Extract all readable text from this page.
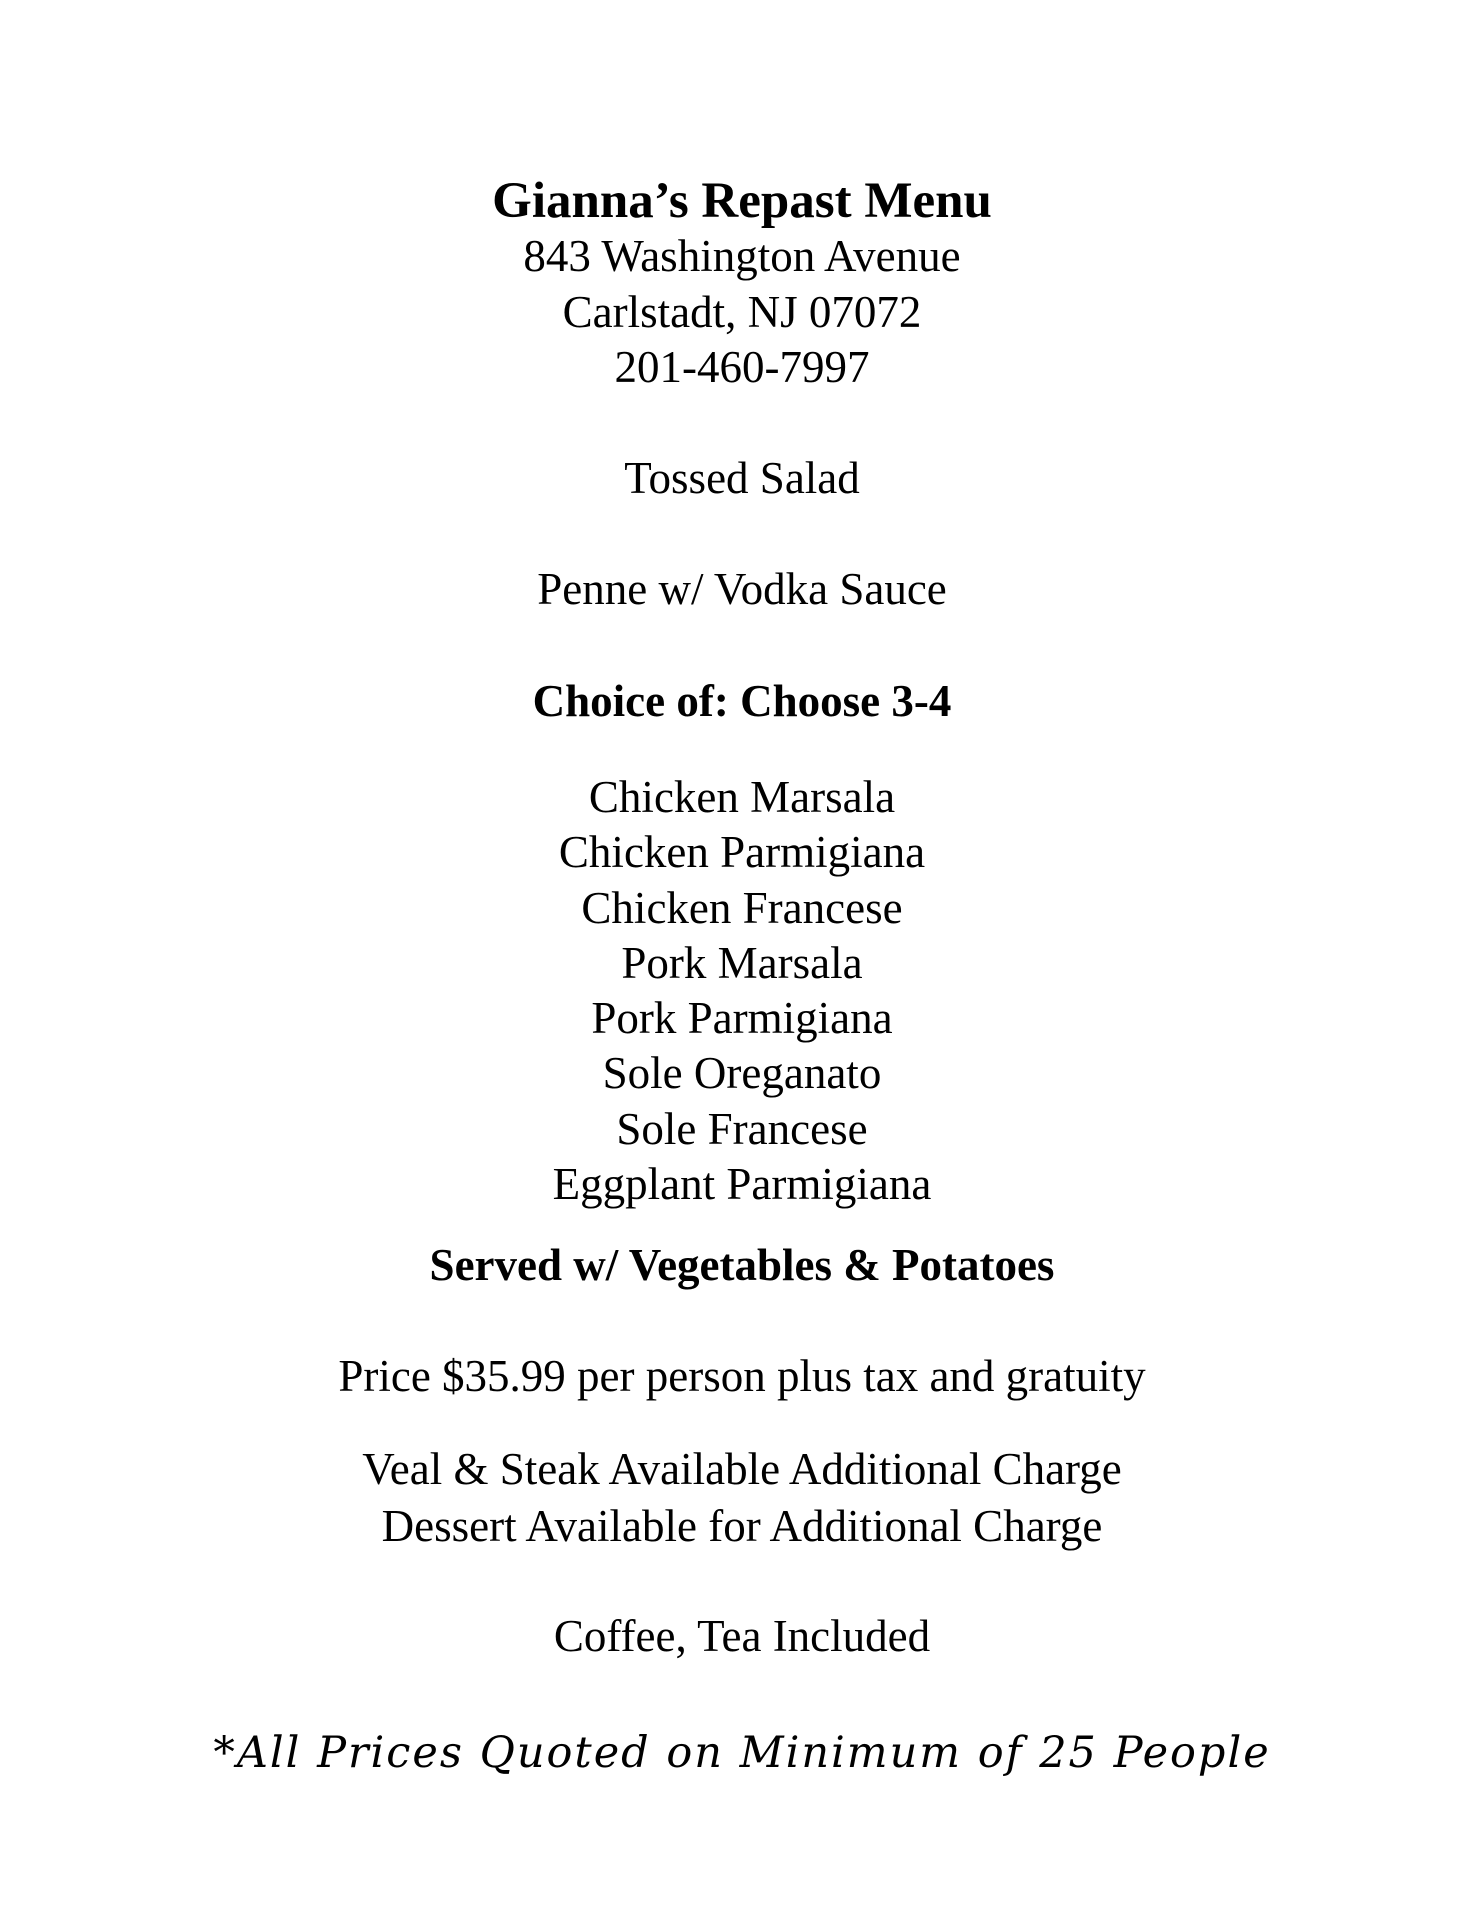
Gianna’s Repast Menu
843 Washington Avenue
Carlstadt, NJ 07072
201-460-7997
Tossed Salad
Penne w/ Vodka Sauce
Choice of: Choose 3-4
Chicken Marsala
Chicken Parmigiana
Chicken Francese
Pork Marsala
Pork Parmigiana
Sole Oreganato
Sole Francese
Eggplant Parmigiana
Served w/ Vegetables & Potatoes
Price $35.99 per person plus tax and gratuity
Veal & Steak Available Additional Charge
Dessert Available for Additional Charge
Coffee, Tea Included
*All Prices Quoted on Minimum of 25 People
